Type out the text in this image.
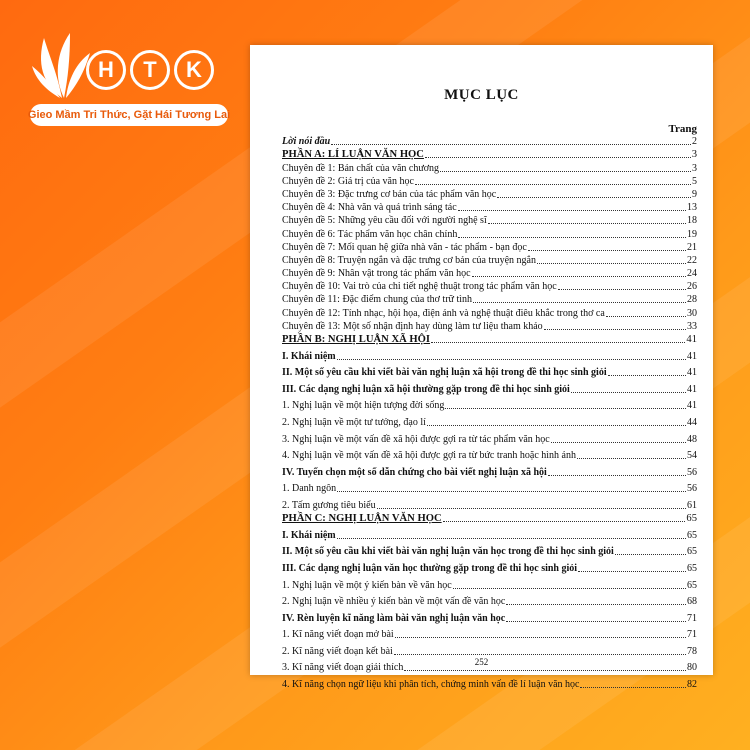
H	T	K
Gieo Mầm Tri Thức, Gặt Hái Tương Lai
MỤC LỤC
Trang
Lời nói đầu	2
PHẦN A: LÍ LUẬN VĂN HỌC	3
Chuyên đề 1: Bản chất của văn chương	3
Chuyên đề 2: Giá trị của văn học	5
Chuyên đề 3: Đặc trưng cơ bản của tác phẩm văn học	9
Chuyên đề 4: Nhà văn và quá trình sáng tác	13
Chuyên đề 5: Những yêu cầu đối với người nghệ sĩ	18
Chuyên đề 6: Tác phẩm văn học chân chính	19
Chuyên đề 7: Mối quan hệ giữa nhà văn - tác phẩm - bạn đọc	21
Chuyên đề 8: Truyện ngắn và đặc trưng cơ bản của truyện ngắn	22
Chuyên đề 9: Nhân vật trong tác phẩm văn học	24
Chuyên đề 10: Vai trò của chi tiết nghệ thuật trong tác phẩm văn học	26
Chuyên đề 11: Đặc điểm chung của thơ trữ tình	28
Chuyên đề 12: Tính nhạc, hội họa, điện ảnh và nghệ thuật điêu khắc trong thơ ca	30
Chuyên đề 13: Một số nhận định hay dùng làm tư liệu tham khảo	33
PHẦN B: NGHỊ LUẬN XÃ HỘI	41
I. Khái niệm	41
II. Một số yêu cầu khi viết bài văn nghị luận xã hội trong đề thi học sinh giỏi	41
III. Các dạng nghị luận xã hội thường gặp trong đề thi học sinh giỏi	41
1. Nghị luận về một hiện tượng đời sống	41
2. Nghị luận về một tư tưởng, đạo lí	44
3. Nghị luận về một vấn đề xã hội được gợi ra từ tác phẩm văn học	48
4. Nghị luận về một vấn đề xã hội được gợi ra từ bức tranh hoặc hình ảnh	54
IV. Tuyển chọn một số dẫn chứng cho bài viết nghị luận xã hội	56
1. Danh ngôn	56
2. Tấm gương tiêu biểu	61
PHẦN C: NGHỊ LUẬN VĂN HỌC	65
I. Khái niệm	65
II. Một số yêu cầu khi viết bài văn nghị luận văn học trong đề thi học sinh giỏi	65
III. Các dạng nghị luận văn học thường gặp trong đề thi học sinh giỏi	65
1. Nghị luận về một ý kiến bàn về văn học	65
2. Nghị luận về nhiều ý kiến bàn về một vấn đề văn học	68
IV. Rèn luyện kĩ năng làm bài văn nghị luận văn học	71
1. Kĩ năng viết đoạn mở bài	71
2. Kĩ năng viết đoạn kết bài	78
3. Kĩ năng viết đoạn giải thích	80
4. Kĩ năng chọn ngữ liệu khi phân tích, chứng minh vấn đề lí luận văn học	82
252
